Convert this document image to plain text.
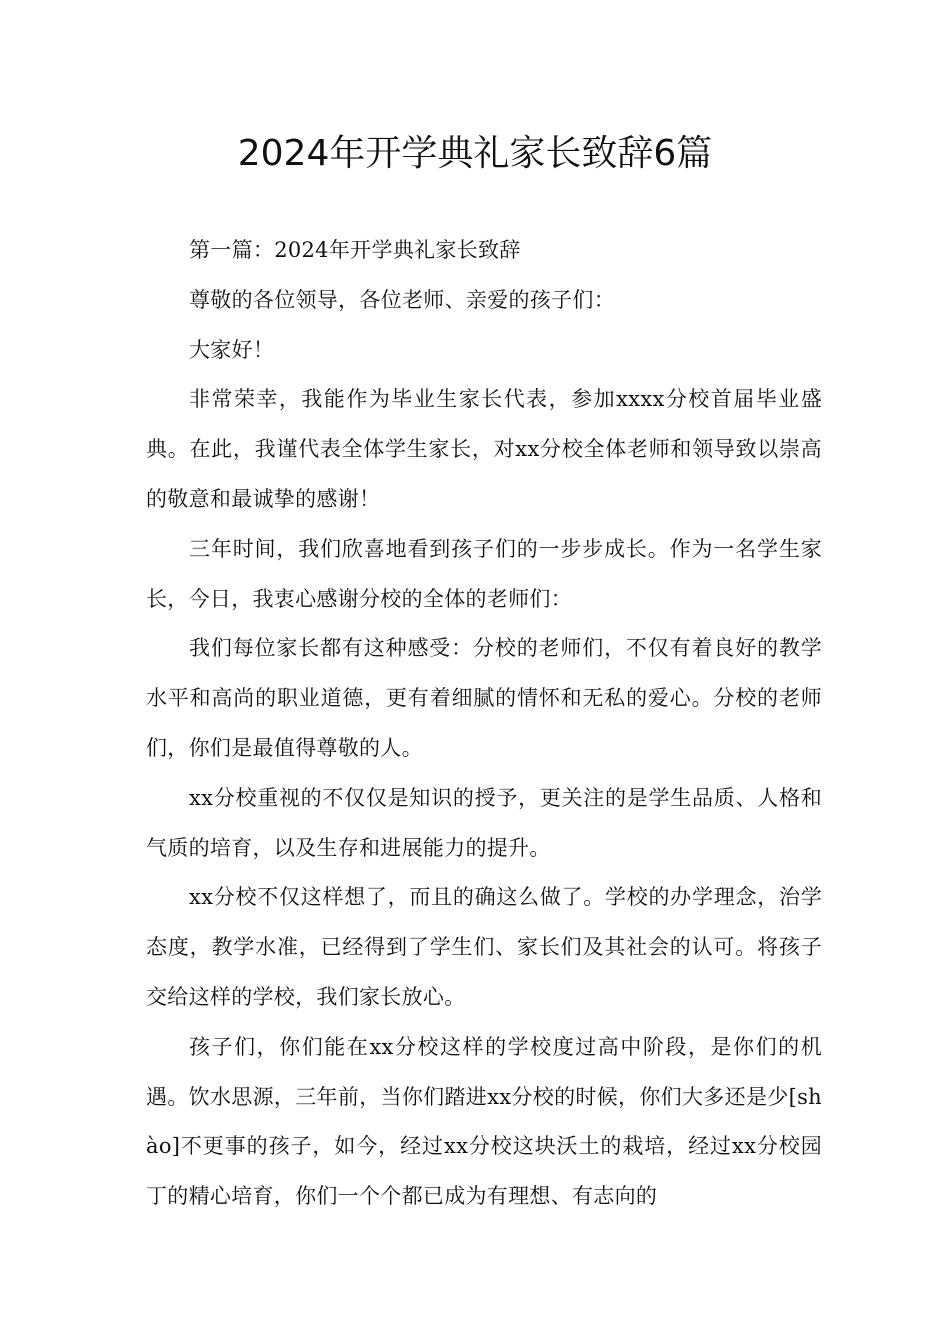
2024年开学典礼家长致辞6篇

第一篇：2024年开学典礼家长致辞

尊敬的各位领导，各位老师、亲爱的孩子们：

大家好！

非常荣幸，我能作为毕业生家长代表，参加xxxx分校首届毕业盛典。在此，我谨代表全体学生家长，对xx分校全体老师和领导致以崇高的敬意和最诚挚的感谢！

三年时间，我们欣喜地看到孩子们的一步步成长。作为一名学生家长，今日，我衷心感谢分校的全体的老师们：

我们每位家长都有这种感受：分校的老师们，不仅有着良好的教学水平和高尚的职业道德，更有着细腻的情怀和无私的爱心。分校的老师们，你们是最值得尊敬的人。

xx分校重视的不仅仅是知识的授予，更关注的是学生品质、人格和气质的培育，以及生存和进展能力的提升。

xx分校不仅这样想了，而且的确这么做了。学校的办学理念，治学态度，教学水准，已经得到了学生们、家长们及其社会的认可。将孩子交给这样的学校，我们家长放心。

孩子们，你们能在xx分校这样的学校度过高中阶段，是你们的机遇。饮水思源，三年前，当你们踏进xx分校的时候，你们大多还是少[shào]不更事的孩子，如今，经过xx分校这块沃土的栽培，经过xx分校园丁的精心培育，你们一个个都已成为有理想、有志向的
